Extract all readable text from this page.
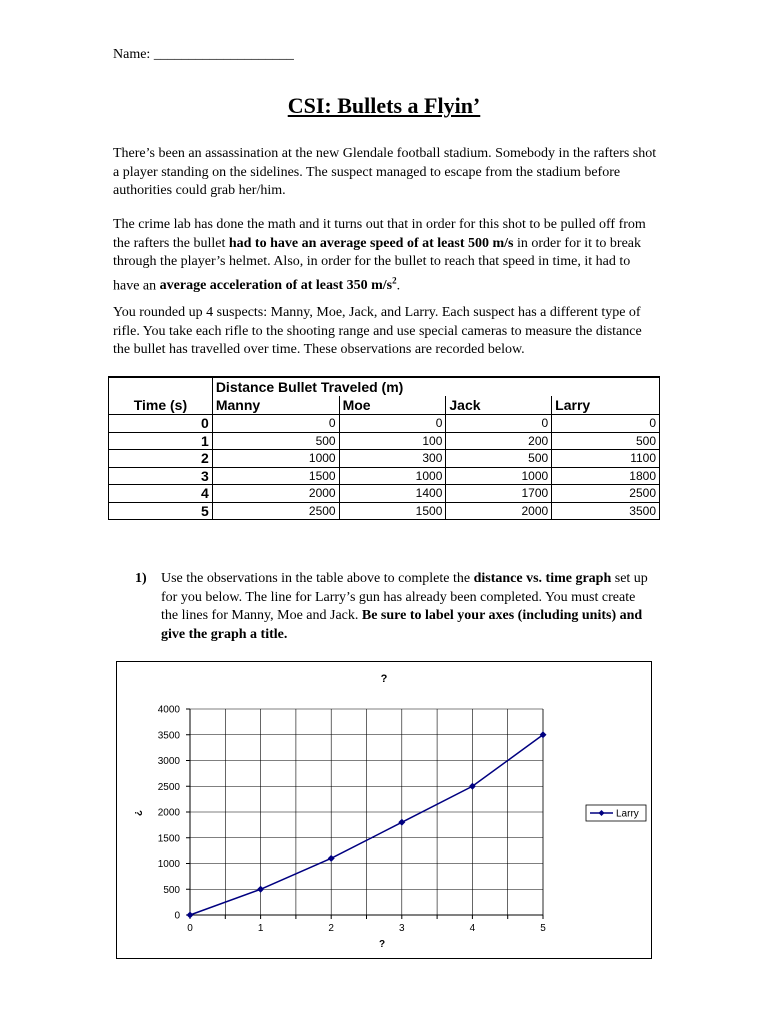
Name: ____________________
CSI: Bullets a Flyin’

There’s been an assassination at the new Glendale football stadium. Somebody in the rafters shot a player standing on the sidelines. The suspect managed to escape from the stadium before authorities could grab her/him.

The crime lab has done the math and it turns out that in order for this shot to be pulled off from the rafters the bullet had to have an average speed of at least 500 m/s in order for it to break through the player’s helmet. Also, in order for the bullet to reach that speed in time, it had to have an average acceleration of at least 350 $m/s^2$.

You rounded up 4 suspects: Manny, Moe, Jack, and Larry. Each suspect has a different type of rifle. You take each rifle to the shooting range and use special cameras to measure the distance the bullet has travelled over time. These observations are recorded below.

	Distance Bullet Traveled (m)			
Time (s)	Manny	Moe	Jack	Larry
0	0	0	0	0
1	500	100	200	500
2	1000	300	500	1100
3	1500	1000	1000	1800
4	2000	1400	1700	2500
5	2500	1500	2000	3500
1) Use the observations in the table above to complete the distance vs. time graph set up for you below. The line for Larry’s gun has already been completed. You must create the lines for Manny, Moe and Jack. Be sure to label your axes (including units) and give the graph a title.
0
500
1000
1500
2000
2500
3000
3500
4000
0	1	2	3	4	5
?
?
?	Larry
